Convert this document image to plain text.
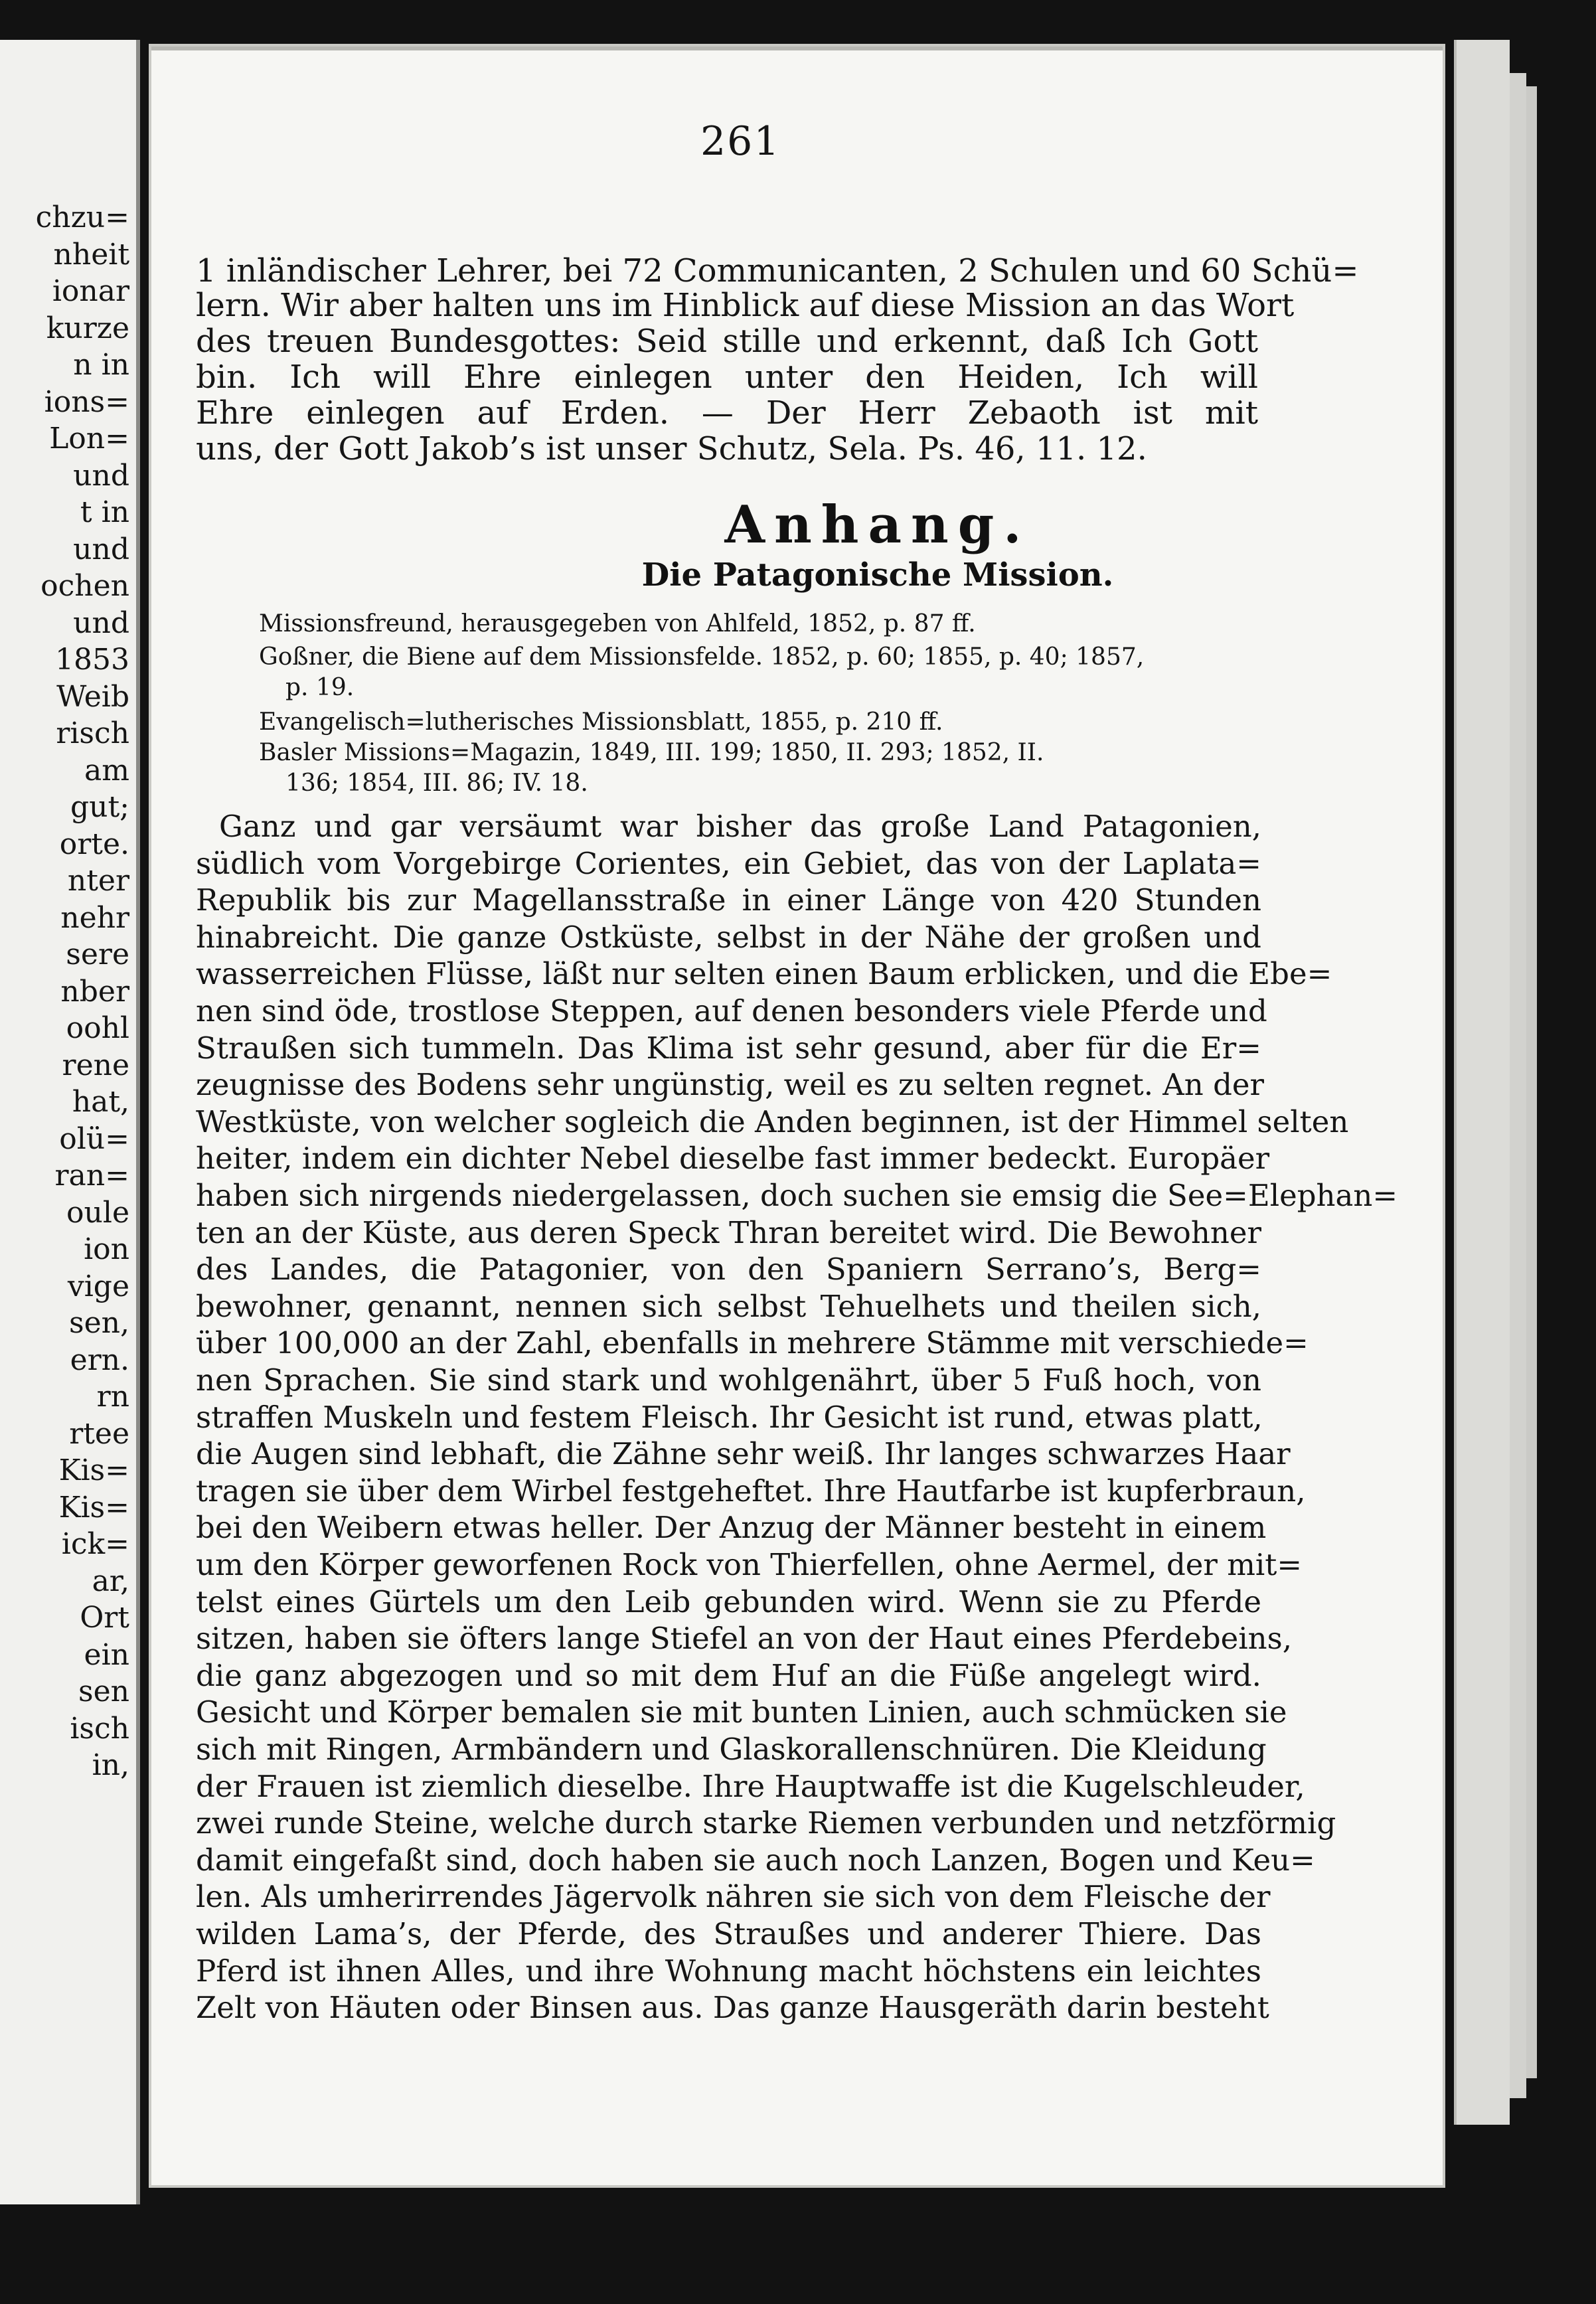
chzu=
nheit
ionar
kurze
n in
ions=
Lon=
und
t in
und
ochen
und
1853
Weib
risch
am
gut;
orte.
nter
nehr
sere
nber
oohl
rene
hat,
olü=
ran=
oule
ion
vige
sen,
ern.
rn
rtee
Kis=
Kis=
ick=
ar,
Ort
ein
sen
isch
in,
261
1 inländischer Lehrer, bei 72 Communicanten, 2 Schulen und 60 Schü=
lern. Wir aber halten uns im Hinblick auf diese Mission an das Wort
des treuen Bundesgottes: Seid stille und erkennt, daß Ich Gott
bin. Ich will Ehre einlegen unter den Heiden, Ich will
Ehre einlegen auf Erden. — Der Herr Zebaoth ist mit
uns, der Gott Jakob’s ist unser Schutz, Sela. Ps. 46, 11. 12.
Anhang.
Die Patagonische Mission.
Missionsfreund, herausgegeben von Ahlfeld, 1852, p. 87 ff.
Goßner, die Biene auf dem Missionsfelde. 1852, p. 60; 1855, p. 40; 1857,
p. 19.
Evangelisch=lutherisches Missionsblatt, 1855, p. 210 ff.
Basler Missions=Magazin, 1849, III. 199; 1850, II. 293; 1852, II.
136; 1854, III. 86; IV. 18.
Ganz und gar versäumt war bisher das große Land Patagonien,
südlich vom Vorgebirge Corientes, ein Gebiet, das von der Laplata=
Republik bis zur Magellansstraße in einer Länge von 420 Stunden
hinabreicht. Die ganze Ostküste, selbst in der Nähe der großen und
wasserreichen Flüsse, läßt nur selten einen Baum erblicken, und die Ebe=
nen sind öde, trostlose Steppen, auf denen besonders viele Pferde und
Straußen sich tummeln. Das Klima ist sehr gesund, aber für die Er=
zeugnisse des Bodens sehr ungünstig, weil es zu selten regnet. An der
Westküste, von welcher sogleich die Anden beginnen, ist der Himmel selten
heiter, indem ein dichter Nebel dieselbe fast immer bedeckt. Europäer
haben sich nirgends niedergelassen, doch suchen sie emsig die See=Elephan=
ten an der Küste, aus deren Speck Thran bereitet wird. Die Bewohner
des Landes, die Patagonier, von den Spaniern Serrano’s, Berg=
bewohner, genannt, nennen sich selbst Tehuelhets und theilen sich,
über 100,000 an der Zahl, ebenfalls in mehrere Stämme mit verschiede=
nen Sprachen. Sie sind stark und wohlgenährt, über 5 Fuß hoch, von
straffen Muskeln und festem Fleisch. Ihr Gesicht ist rund, etwas platt,
die Augen sind lebhaft, die Zähne sehr weiß. Ihr langes schwarzes Haar
tragen sie über dem Wirbel festgeheftet. Ihre Hautfarbe ist kupferbraun,
bei den Weibern etwas heller. Der Anzug der Männer besteht in einem
um den Körper geworfenen Rock von Thierfellen, ohne Aermel, der mit=
telst eines Gürtels um den Leib gebunden wird. Wenn sie zu Pferde
sitzen, haben sie öfters lange Stiefel an von der Haut eines Pferdebeins,
die ganz abgezogen und so mit dem Huf an die Füße angelegt wird.
Gesicht und Körper bemalen sie mit bunten Linien, auch schmücken sie
sich mit Ringen, Armbändern und Glaskorallenschnüren. Die Kleidung
der Frauen ist ziemlich dieselbe. Ihre Hauptwaffe ist die Kugelschleuder,
zwei runde Steine, welche durch starke Riemen verbunden und netzförmig
damit eingefaßt sind, doch haben sie auch noch Lanzen, Bogen und Keu=
len. Als umherirrendes Jägervolk nähren sie sich von dem Fleische der
wilden Lama’s, der Pferde, des Straußes und anderer Thiere. Das
Pferd ist ihnen Alles, und ihre Wohnung macht höchstens ein leichtes
Zelt von Häuten oder Binsen aus. Das ganze Hausgeräth darin besteht
